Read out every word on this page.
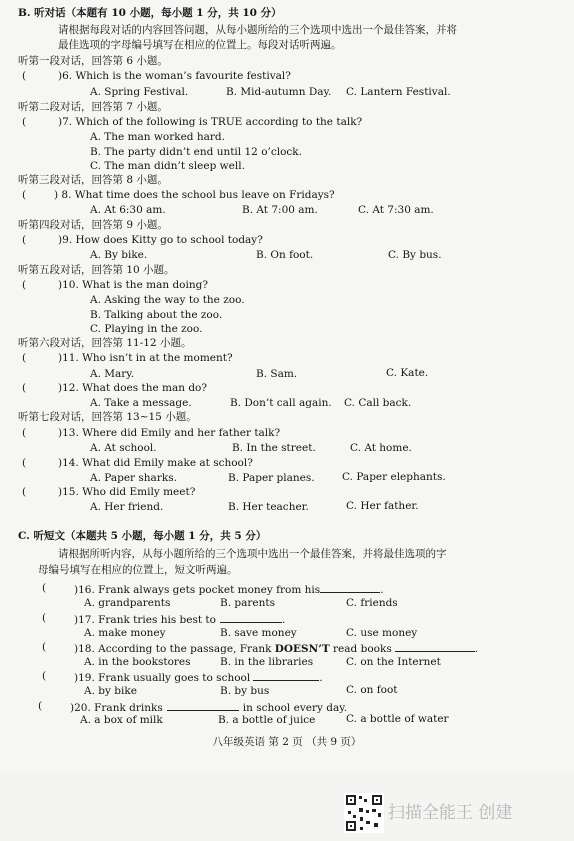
B. 听对话（本题有 10 小题，每小题 1 分，共 10 分）
请根据每段对话的内容回答问题，从每小题所给的三个选项中选出一个最佳答案，并将
最佳选项的字母编号填写在相应的位置上。每段对话听两遍。
听第一段对话，回答第 6 小题。
(	)6. Which is the woman’s favourite festival?
A. Spring Festival.	B. Mid-autumn Day. C. Lantern Festival.
听第二段对话，回答第 7 小题。
(	)7. Which of the following is TRUE according to the talk?
A. The man worked hard.
B. The party didn’t end until 12 o’clock.
C. The man didn’t sleep well.
听第三段对话，回答第 8 小题。
(	) 8. What time does the school bus leave on Fridays?
A. At 6:30 am.	B. At 7:00 am.	C. At 7:30 am.
听第四段对话，回答第 9 小题。
(	)9. How does Kitty go to school today?
A. By bike.	B. On foot.	C. By bus.
听第五段对话，回答第 10 小题。
(	)10. What is the man doing?
A. Asking the way to the zoo.
B. Talking about the zoo.
C. Playing in the zoo.
听第六段对话，回答第 11-12 小题。
(	)11. Who isn’t in at the moment?
A. Mary.	B. Sam.	C. Kate.
(	)12. What does the man do?
A. Take a message.	B. Don’t call again. C. Call back.
听第七段对话，回答第 13~15 小题。
(	)13. Where did Emily and her father talk?
A. At school.	B. In the street.	C. At home.
(	)14. What did Emily make at school?
A. Paper sharks.	B. Paper planes.	C. Paper elephants.
(	)15. Who did Emily meet?
A. Her friend.	B. Her teacher.	C. Her father.
C. 听短文（本题共 5 小题，每小题 1 分，共 5 分）
请根据所听内容，从每小题所给的三个选项中选出一个最佳答案，并将最佳选项的字
母编号填写在相应的位置上，短文听两遍。
(	)16. Frank always gets pocket money from his	.
A. grandparents	B. parents	C. friends
(	)17. Frank tries his best to	.
A. make money	B. save money	C. use money
(	)18. According to the passage, Frank DOESN’T read books	.
A. in the bookstores	B. in the libraries	C. on the Internet
(	)19. Frank usually goes to school	.
A. by bike	B. by bus	C. on foot
(	)20. Frank drinks	in school every day.
A. a box of milk	B. a bottle of juice	C. a bottle of water
八年级英语 第 2 页 （共 9 页）
扫描全能王 创建
